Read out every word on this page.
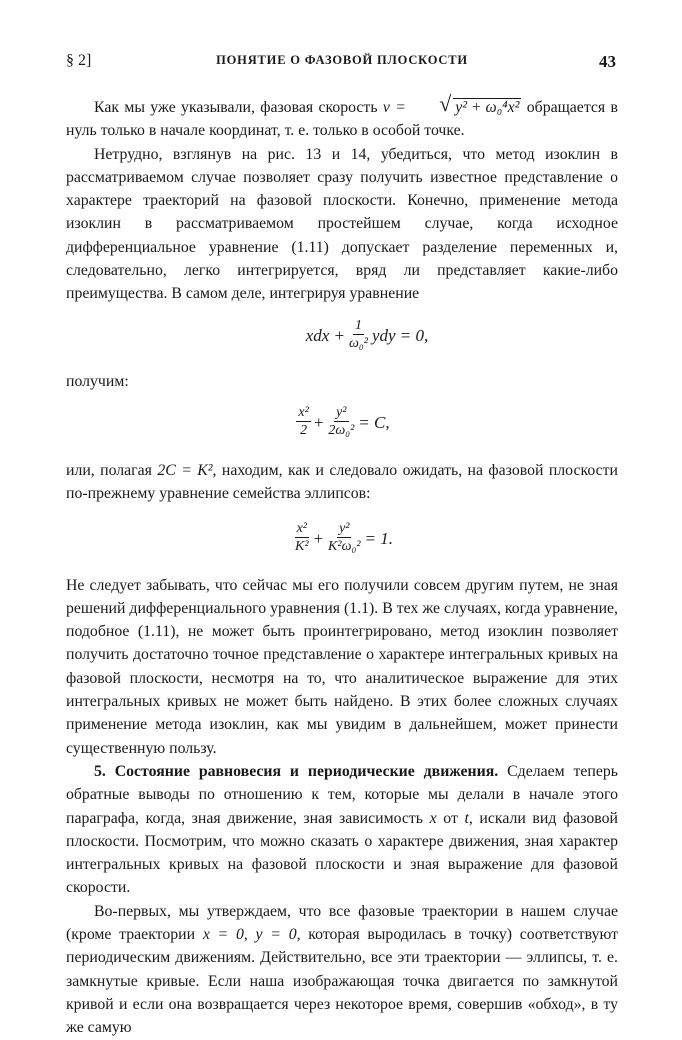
§ 2]	ПОНЯТИЕ О ФАЗОВОЙ ПЛОСКОСТИ	43

Как мы уже указывали, фазовая скорость v =	√ y² + ω₀⁴x² обращается в нуль только в начале координат, т. е. только в особой точке.

Нетрудно, взглянув на рис. 13 и 14, убедиться, что метод изоклин в рассматриваемом случае позволяет сразу получить известное представление о характере траекторий на фазовой плоскости. Конечно, применение метода изоклин в рассматриваемом простейшем случае, когда исходное дифференциальное уравнение (1.11) допускает разделение переменных и, следовательно, легко интегрируется, вряд ли представляет какие-либо преимущества. В самом деле, интегрируя уравнение

xdx + $\frac{1}{\text{ω₀²}}$ ydy = 0,

получим:

$\frac{\text{x²}}{2} + \frac{\text{y²}}{\text{2ω₀²}} = C$,

или, полагая 2C = K², находим, как и следовало ожидать, на фазовой плоскости по-прежнему уравнение семейства эллипсов:

$\frac{\text{x²}}{\text{K²}} + \frac{\text{y²}}{\text{K²ω₀²}} = 1$.

Не следует забывать, что сейчас мы его получили совсем другим путем, не зная решений дифференциального уравнения (1.1). В тех же случаях, когда уравнение, подобное (1.11), не может быть проинтегрировано, метод изоклин позволяет получить достаточно точное представление о характере интегральных кривых на фазовой плоскости, несмотря на то, что аналитическое выражение для этих интегральных кривых не может быть найдено. В этих более сложных случаях применение метода изоклин, как мы увидим в дальнейшем, может принести существенную пользу.

5. Состояние равновесия и периодические движения. Сделаем теперь обратные выводы по отношению к тем, которые мы делали в начале этого параграфа, когда, зная движение, зная зависимость x от t, искали вид фазовой плоскости. Посмотрим, что можно сказать о характере движения, зная характер интегральных кривых на фазовой плоскости и зная выражение для фазовой скорости.

Во-первых, мы утверждаем, что все фазовые траектории в нашем случае (кроме траектории x = 0, y = 0, которая выродилась в точку) соответствуют периодическим движениям. Действительно, все эти траектории — эллипсы, т. е. замкнутые кривые. Если наша изображающая точка двигается по замкнутой кривой и если она возвращается через некоторое время, совершив «обход», в ту же самую
